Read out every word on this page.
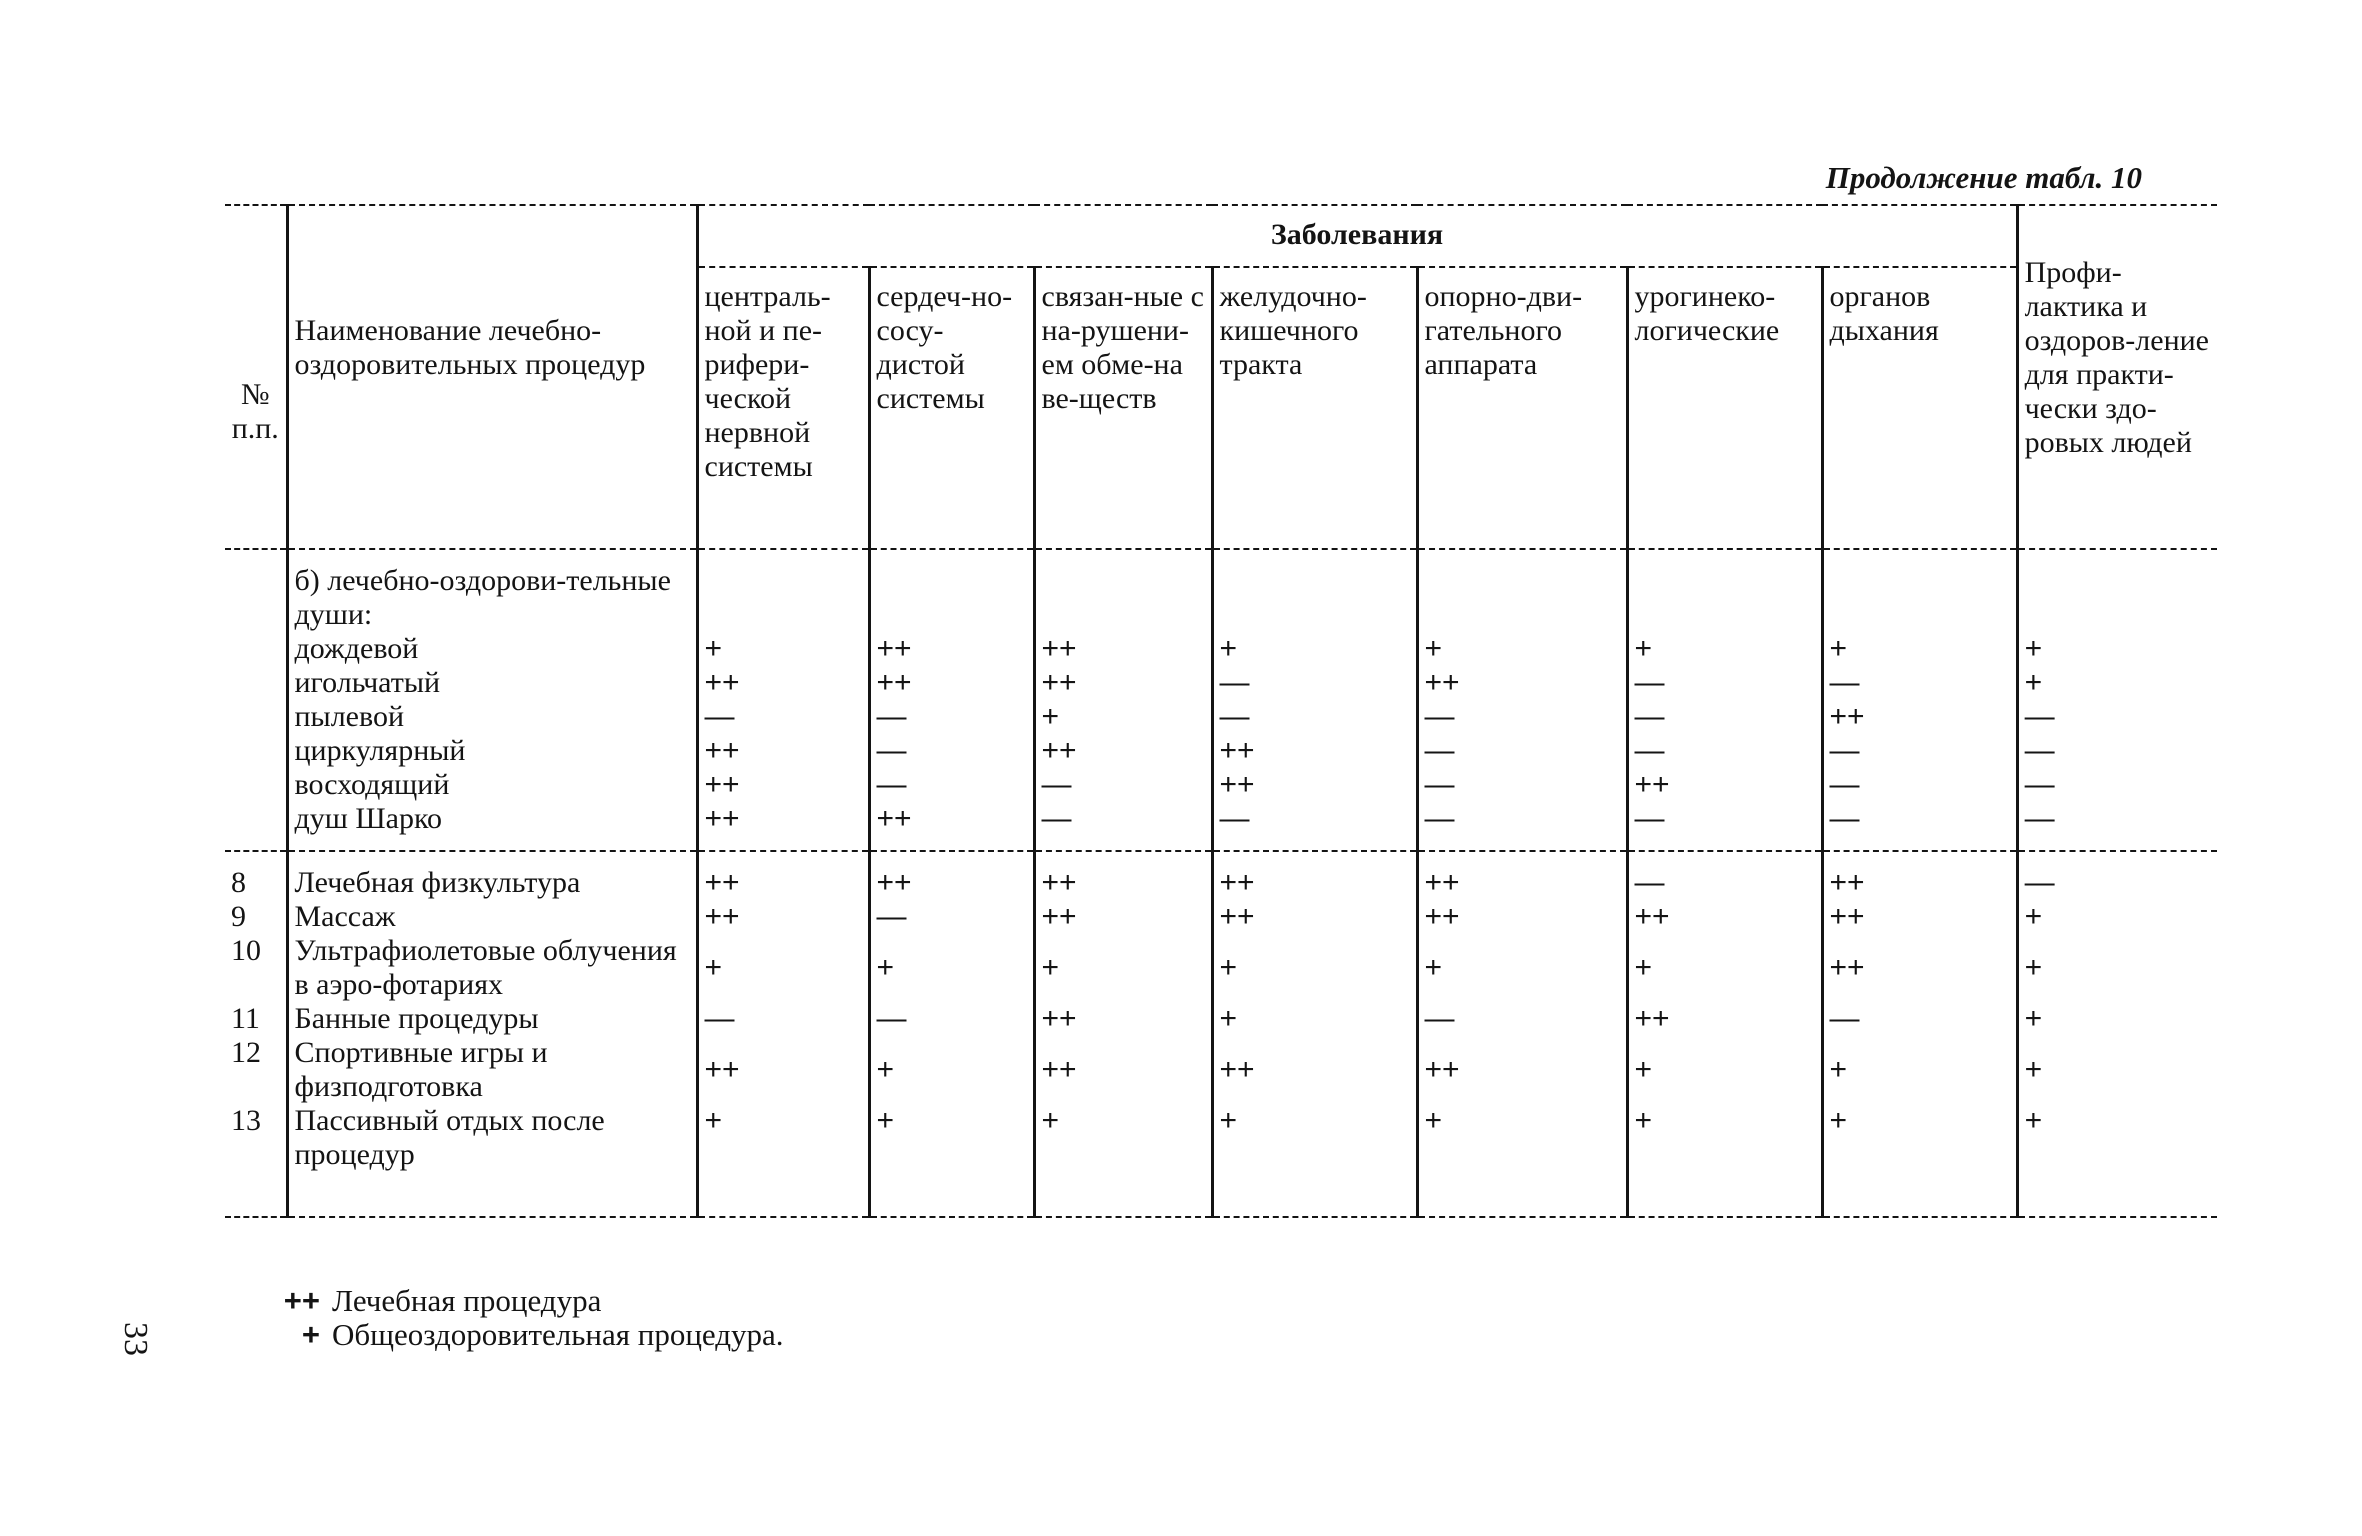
Продолжение табл. 10
№ п.п.	Наименование лечебно-оздоровительных процедур	Заболевания							Профи-лактика и оздоров-ление для практи-чески здо-ровых людей
		централь-ной и пе-рифери-ческой нервной системы	сердеч-но-сосу-дистой системы	связан-ные с на-рушени-ем обме-на ве-ществ	желудочно-кишечного тракта	опорно-дви-гательного аппарата	урогинеко-логические	органов дыхания	

	б) лечебно-оздорови-тельные души:								
	дождевой	+	++	++	+	+	+	+	+
	игольчатый	++	++	++	—	++	—	—	+
	пылевой	—	—	+	—	—	—	++	—
	циркулярный	++	—	++	++	—	—	—	—
	восходящий	++	—	—	++	—	++	—	—
	душ Шарко	++	++	—	—	—	—	—	—

8	Лечебная физкультура	++	++	++	++	++	—	++	—
9	Массаж	++	—	++	++	++	++	++	+
10	Ультрафиолетовые облучения в аэро-фотариях	+	+	+	+	+	+	++	+
11	Банные процедуры	—	—	++	+	—	++	—	+
12	Спортивные игры и физподготовка	++	+	++	++	++	+	+	+
13	Пассивный отдых после процедур	+	+	+	+	+	+	+	+

++ Лечебная процедура
+ Общеоздоровительная процедура.
33
